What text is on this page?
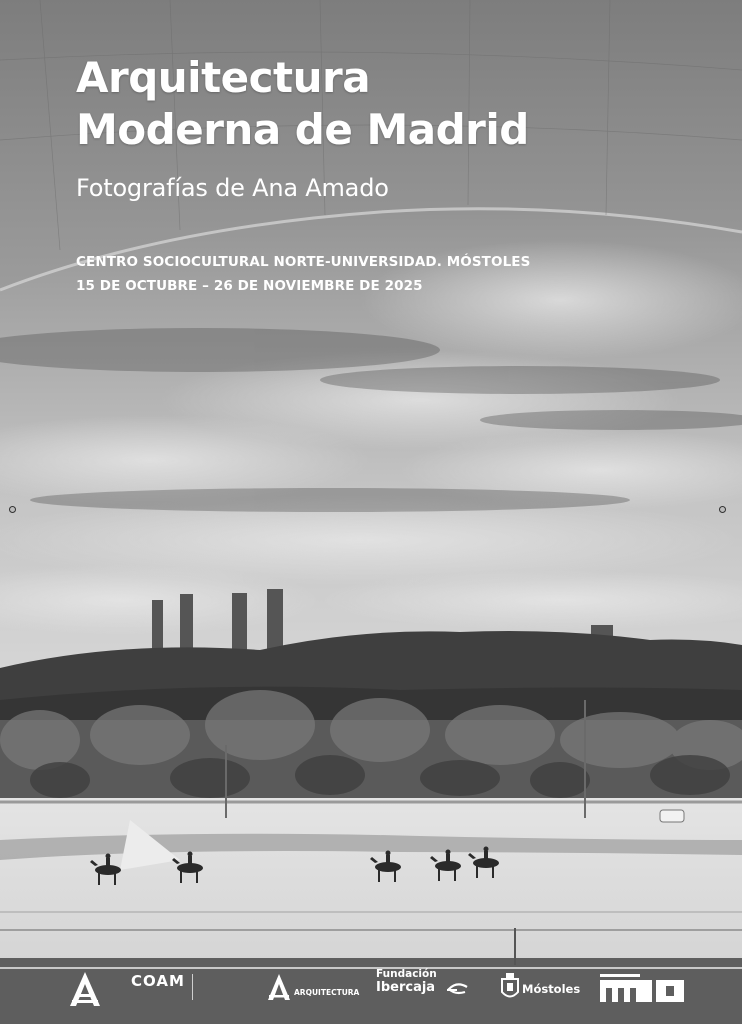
Arquitectura
Moderna de Madrid
Fotografías de Ana Amado
CENTRO SOCIOCULTURAL NORTE-UNIVERSIDAD. MÓSTOLES
15 DE OCTUBRE – 26 DE NOVIEMBRE DE 2025
COAM
ARQUITECTURA
Fundación
Ibercaja	Móstoles
